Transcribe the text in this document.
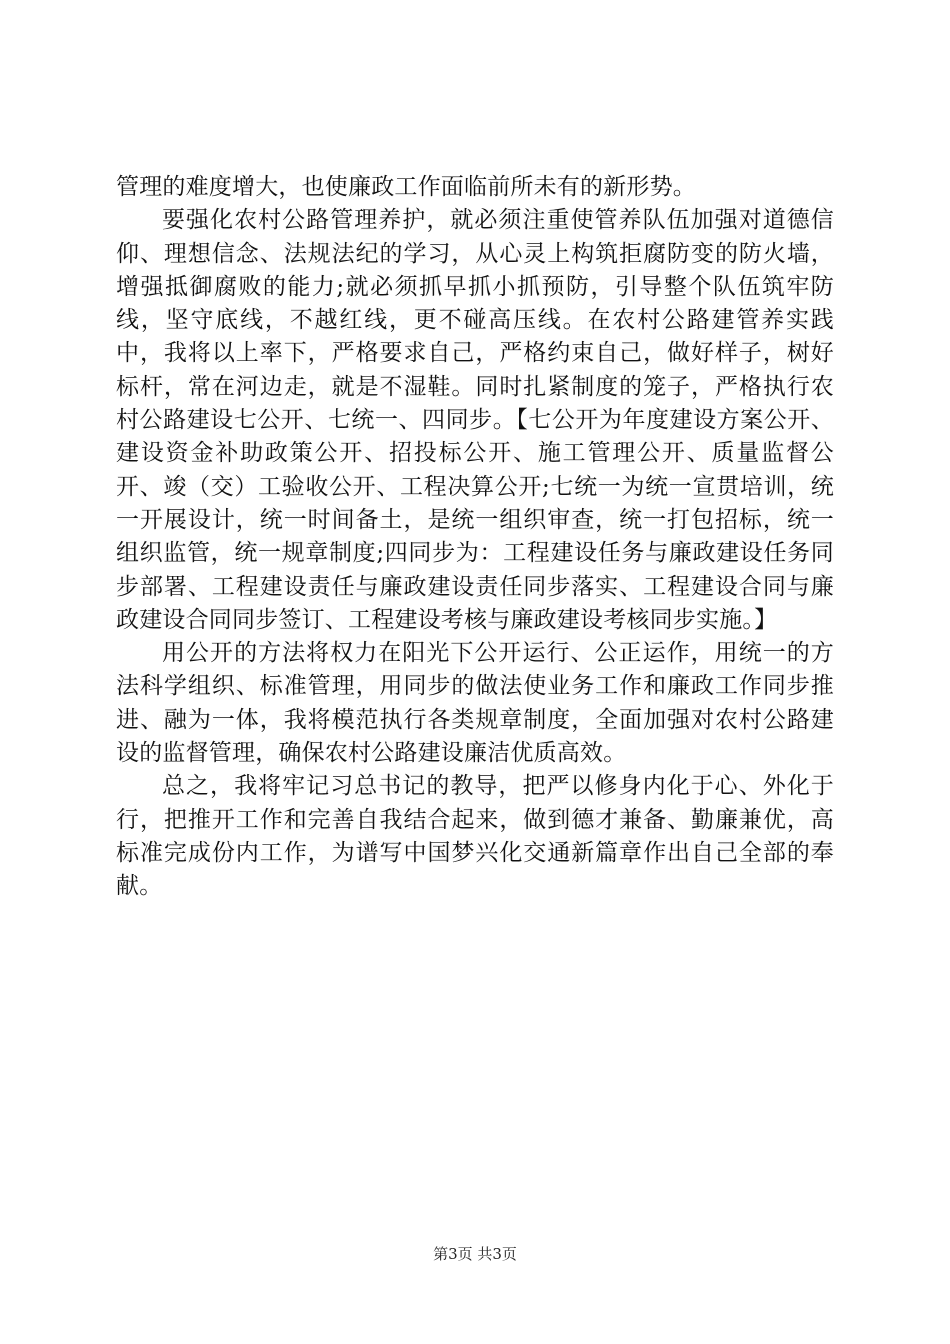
管理的难度增大，也使廉政工作面临前所未有的新形势。

要强化农村公路管理养护，就必须注重使管养队伍加强对道德信仰、理想信念、法规法纪的学习，从心灵上构筑拒腐防变的防火墙，增强抵御腐败的能力;就必须抓早抓小抓预防，引导整个队伍筑牢防线，坚守底线，不越红线，更不碰高压线。在农村公路建管养实践中，我将以上率下，严格要求自己，严格约束自己，做好样子，树好标杆，常在河边走，就是不湿鞋。同时扎紧制度的笼子，严格执行农村公路建设七公开、七统一、四同步。【七公开为年度建设方案公开、建设资金补助政策公开、招投标公开、施工管理公开、质量监督公开、竣（交）工验收公开、工程决算公开;七统一为统一宣贯培训，统一开展设计，统一时间备土，是统一组织审查，统一打包招标，统一组织监管，统一规章制度;四同步为：工程建设任务与廉政建设任务同步部署、工程建设责任与廉政建设责任同步落实、工程建设合同与廉政建设合同同步签订、工程建设考核与廉政建设考核同步实施。】

用公开的方法将权力在阳光下公开运行、公正运作，用统一的方法科学组织、标准管理，用同步的做法使业务工作和廉政工作同步推进、融为一体，我将模范执行各类规章制度，全面加强对农村公路建设的监督管理，确保农村公路建设廉洁优质高效。

总之，我将牢记习总书记的教导，把严以修身内化于心、外化于行，把推开工作和完善自我结合起来，做到德才兼备、勤廉兼优，高标准完成份内工作，为谱写中国梦兴化交通新篇章作出自己全部的奉献。

第3页 共3页
